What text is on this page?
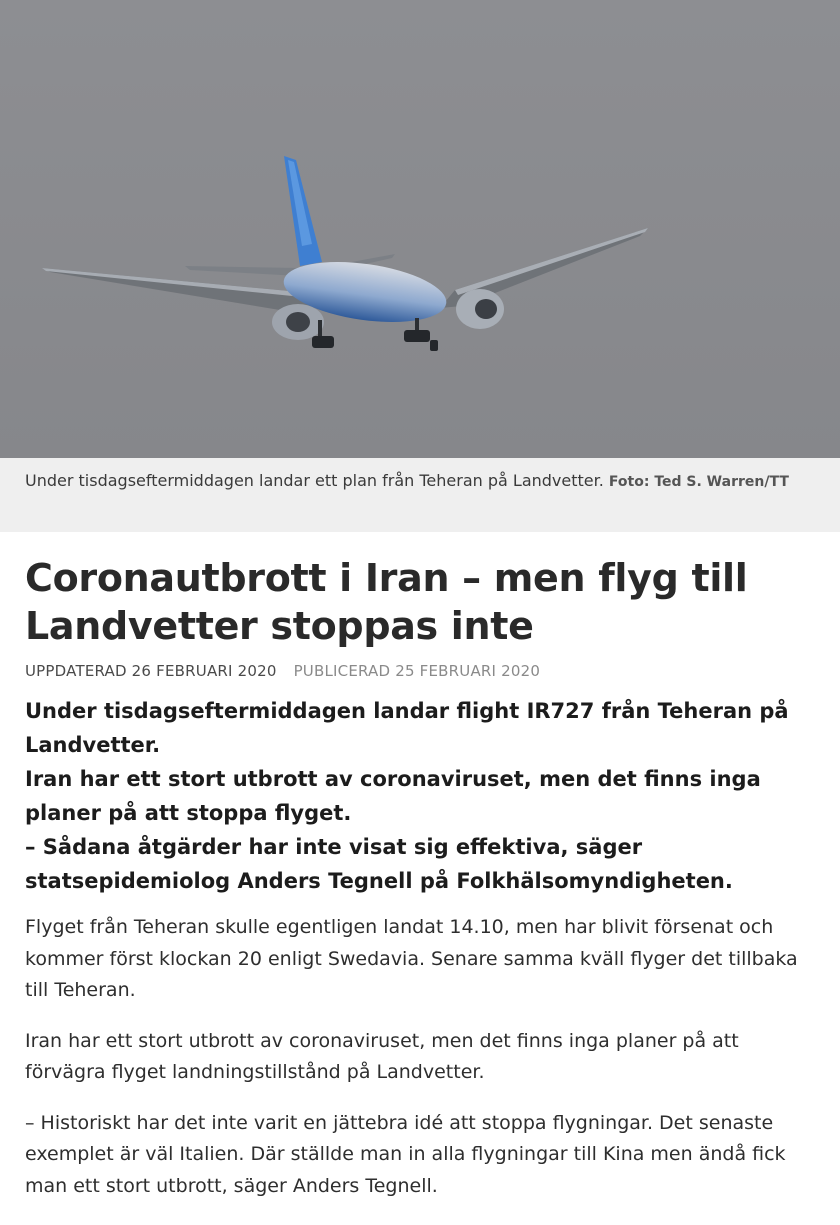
Under tisdagseftermiddagen landar ett plan från Teheran på Landvetter. Foto: Ted S. Warren/TT
Coronautbrott i Iran – men flyg till Landvetter stoppas inte
UPPDATERAD 26 FEBRUARI 2020 PUBLICERAD 25 FEBRUARI 2020

Under tisdagseftermiddagen landar flight IR727 från Teheran på Landvetter.

Iran har ett stort utbrott av coronaviruset, men det finns inga planer på att stoppa flyget.

– Sådana åtgärder har inte visat sig effektiva, säger statsepidemiolog Anders Tegnell på Folkhälsomyndigheten.

Flyget från Teheran skulle egentligen landat 14.10, men har blivit försenat och kommer först klockan 20 enligt Swedavia. Senare samma kväll flyger det tillbaka till Teheran.

Iran har ett stort utbrott av coronaviruset, men det finns inga planer på att förvägra flyget landningstillstånd på Landvetter.

– Historiskt har det inte varit en jättebra idé att stoppa flygningar. Det senaste exemplet är väl Italien. Där ställde man in alla flygningar till Kina men ändå fick man ett stort utbrott, säger Anders Tegnell.
